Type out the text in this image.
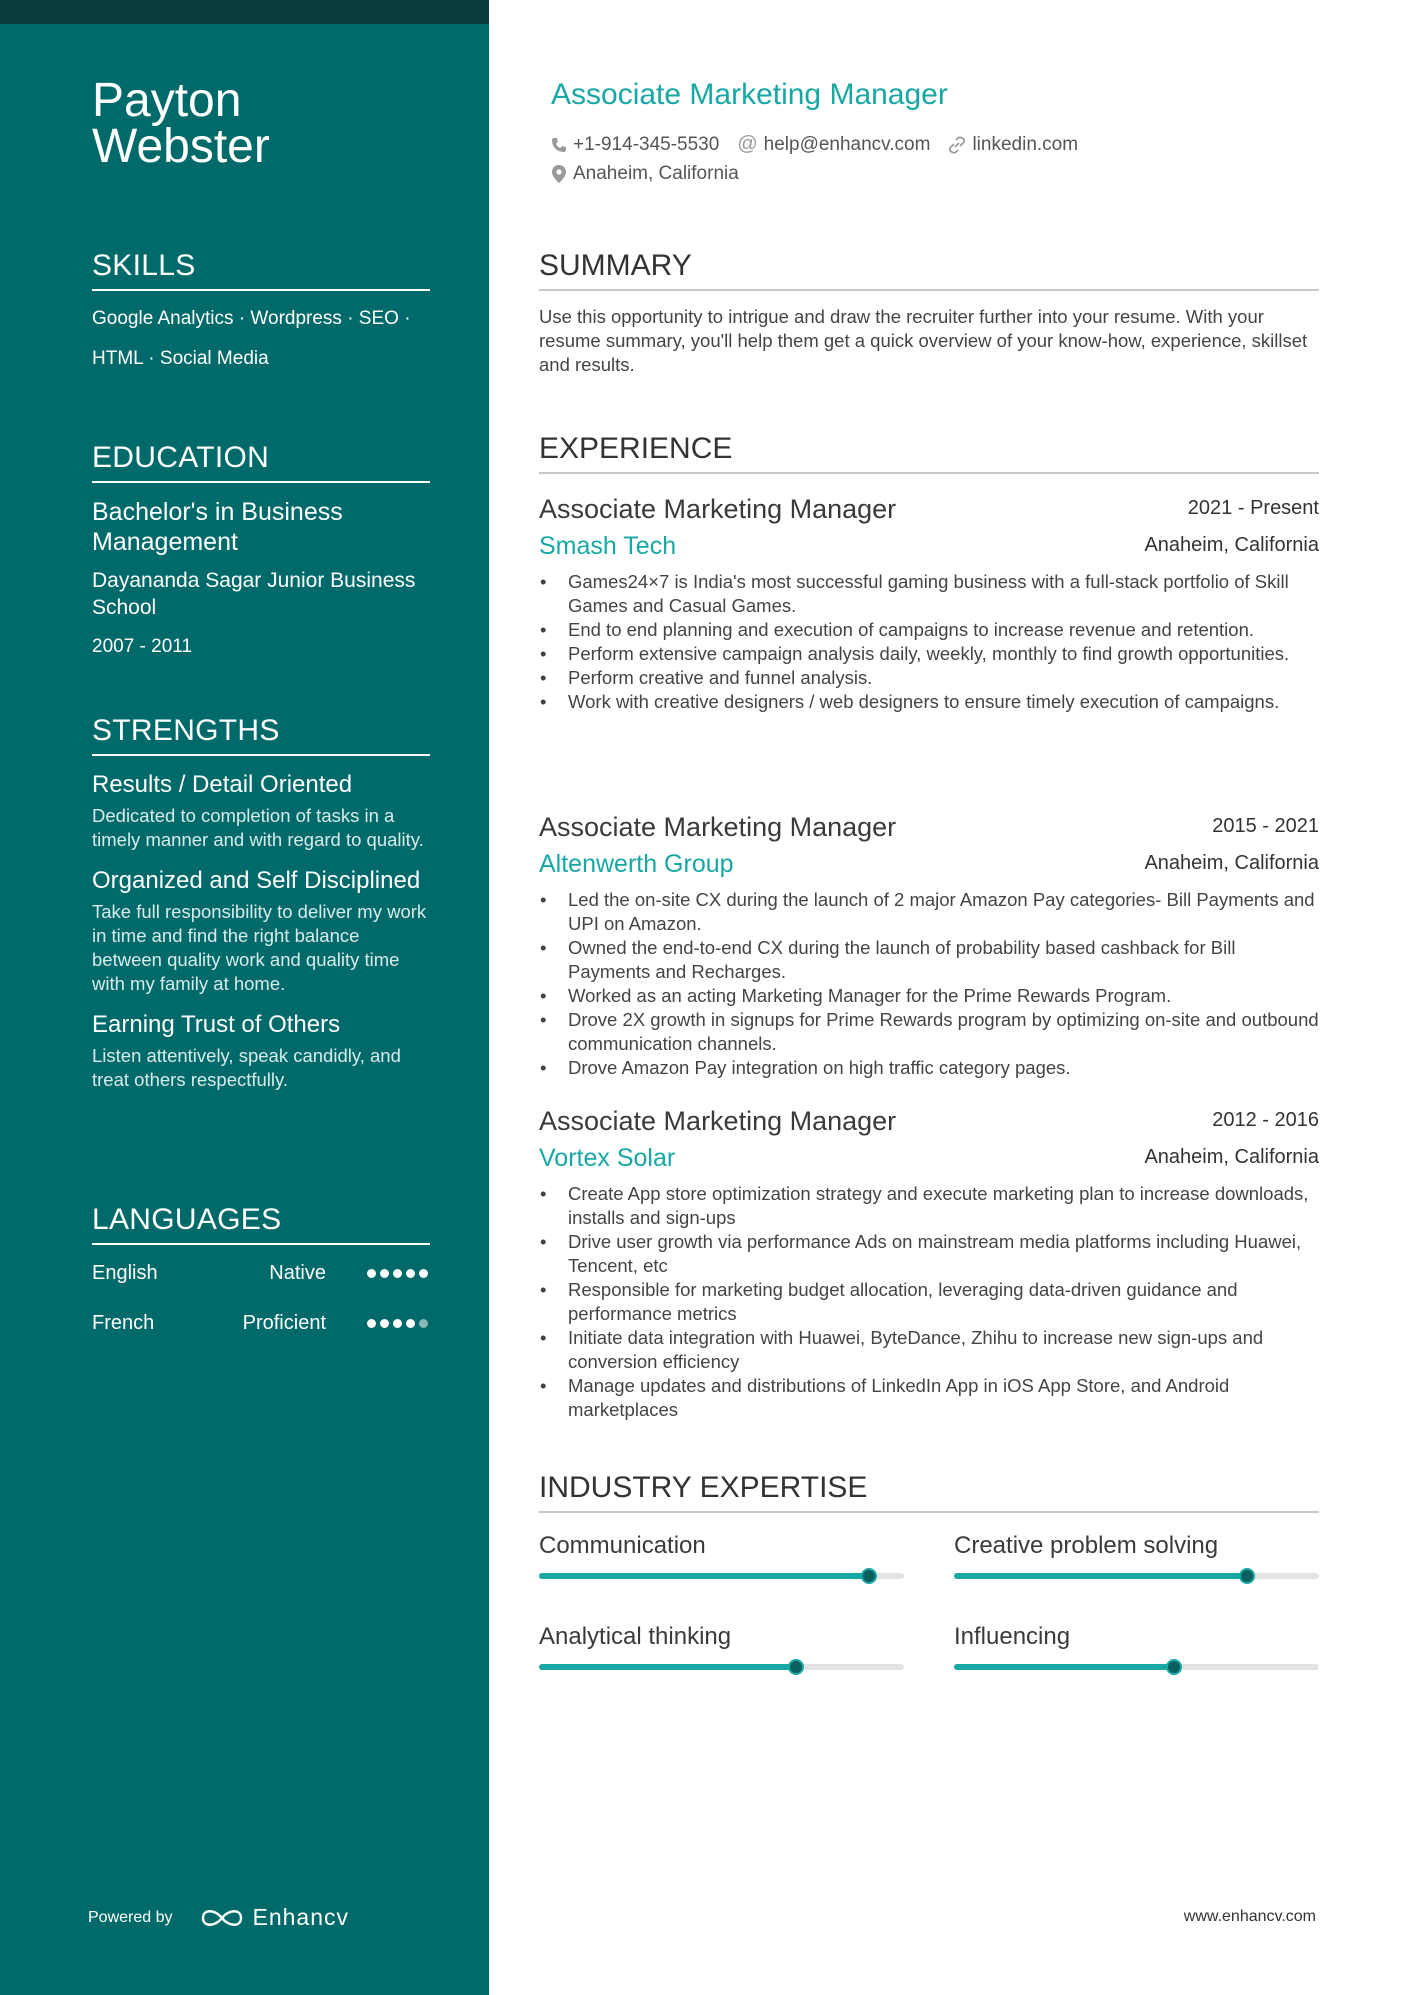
Payton
Webster
SKILLS
Google Analytics · Wordpress · SEO ·
HTML · Social Media
EDUCATION
Bachelor's in Business Management
Dayananda Sagar Junior Business School
2007 - 2011
STRENGTHS
Results / Detail Oriented
Dedicated to completion of tasks in a timely manner and with regard to quality.
Organized and Self Disciplined
Take full responsibility to deliver my work in time and find the right balance between quality work and quality time with my family at home.
Earning Trust of Others
Listen attentively, speak candidly, and treat others respectfully.
LANGUAGES
English	Native
French	Proficient
Powered by	Enhancv
Associate Marketing Manager
+1-914-345-5530 @ help@enhancv.com linkedin.com
Anaheim, California
SUMMARY
Use this opportunity to intrigue and draw the recruiter further into your resume. With your resume summary, you'll help them get a quick overview of your know-how, experience, skillset and results.
EXPERIENCE
Associate Marketing Manager	2021 - Present
Smash Tech	Anaheim, California
• Games24×7 is India's most successful gaming business with a full-stack portfolio of Skill Games and Casual Games.
• End to end planning and execution of campaigns to increase revenue and retention.
• Perform extensive campaign analysis daily, weekly, monthly to find growth opportunities.
• Perform creative and funnel analysis.
• Work with creative designers / web designers to ensure timely execution of campaigns.
Associate Marketing Manager	2015 - 2021
Altenwerth Group	Anaheim, California
• Led the on-site CX during the launch of 2 major Amazon Pay categories- Bill Payments and UPI on Amazon.
• Owned the end-to-end CX during the launch of probability based cashback for Bill Payments and Recharges.
• Worked as an acting Marketing Manager for the Prime Rewards Program.
• Drove 2X growth in signups for Prime Rewards program by optimizing on-site and outbound communication channels.
• Drove Amazon Pay integration on high traffic category pages.
Associate Marketing Manager	2012 - 2016
Vortex Solar	Anaheim, California
• Create App store optimization strategy and execute marketing plan to increase downloads, installs and sign-ups
• Drive user growth via performance Ads on mainstream media platforms including Huawei, Tencent, etc
• Responsible for marketing budget allocation, leveraging data-driven guidance and performance metrics
• Initiate data integration with Huawei, ByteDance, Zhihu to increase new sign-ups and conversion efficiency
• Manage updates and distributions of LinkedIn App in iOS App Store, and Android marketplaces
INDUSTRY EXPERTISE
Communication	Creative problem solving
Analytical thinking	Influencing
www.enhancv.com
